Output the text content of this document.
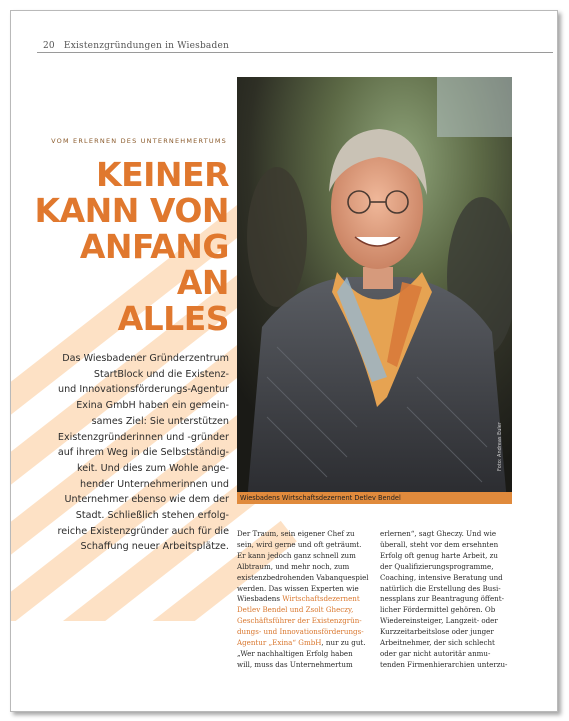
20 Existenzgründungen in Wiesbaden
VOM ERLERNEN DES UNTERNEHMERTUMS
KEINER
KANN VON
ANFANG AN
ALLES
Das Wiesbadener Gründerzentrum
StartBlock und die Existenz-
und Innovationsförderungs-Agentur
Exina GmbH haben ein gemein-
sames Ziel: Sie unterstützen
Existenzgründerinnen und -gründer
auf ihrem Weg in die Selbstständig-
keit. Und dies zum Wohle ange-
hender Unternehmerinnen und
Unternehmer ebenso wie dem der
Stadt. Schließlich stehen erfolg-
reiche Existenzgründer auch für die
Schaffung neuer Arbeitsplätze.
Foto: Andreas Euler
Wiesbadens Wirtschaftsdezernent Detlev Bendel
Der Traum, sein eigener Chef zu
sein, wird gerne und oft geträumt.
Er kann jedoch ganz schnell zum
Albtraum, und mehr noch, zum
existenzbedrohenden Vabanquespiel
werden. Das wissen Experten wie
Wiesbadens Wirtschaftsdezernent
Detlev Bendel und Zsolt Gheczy,
Geschäftsführer der Existenzgrün-
dungs- und Innovationsförderungs-
Agentur „Exina“ GmbH, nur zu gut.
„Wer nachhaltigen Erfolg haben
will, muss das Unternehmertum
erlernen“, sagt Gheczy. Und wie
überall, steht vor dem ersehnten
Erfolg oft genug harte Arbeit, zu
der Qualifizierungsprogramme,
Coaching, intensive Beratung und
natürlich die Erstellung des Busi-
nessplans zur Beantragung öffent-
licher Fördermittel gehören. Ob
Wiedereinsteiger, Langzeit- oder
Kurzzeitarbeitslose oder junger
Arbeitnehmer, der sich schlecht
oder gar nicht autoritär anmu-
tenden Firmenhierarchien unterzu-
